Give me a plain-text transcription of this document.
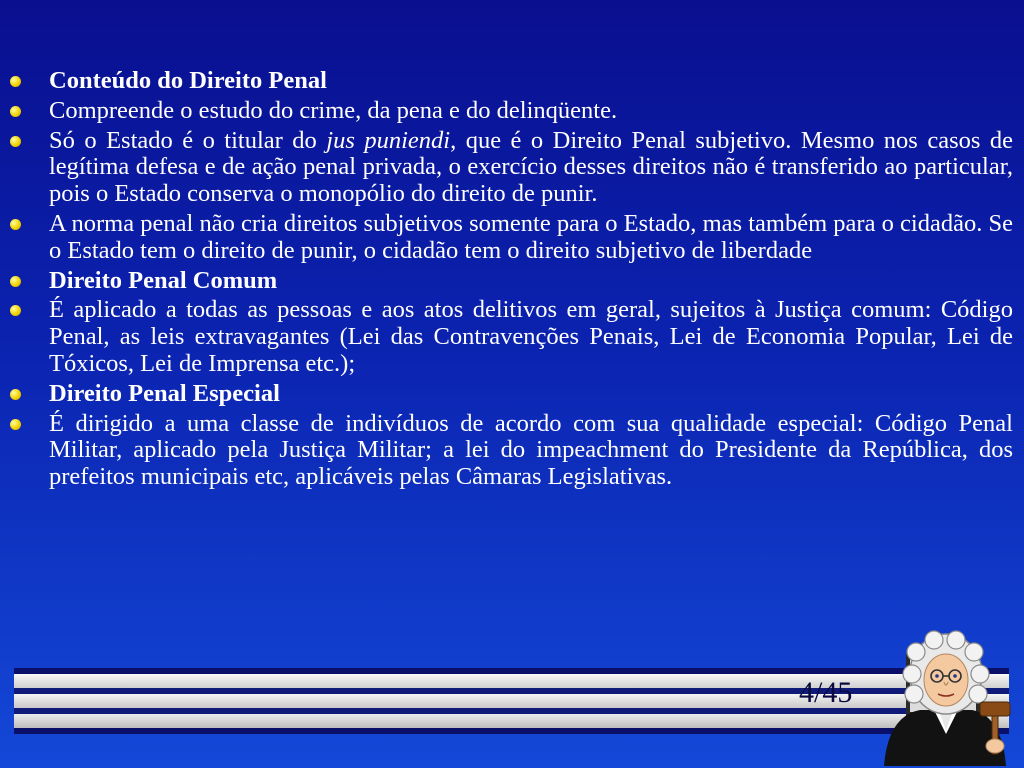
Conteúdo do Direito Penal
Compreende o estudo do crime, da pena e do delinqüente.
Só o Estado é o titular do jus puniendi, que é o Direito Penal subjetivo. Mesmo nos casos de legítima defesa e de ação penal privada, o exercício desses direitos não é transferido ao particular, pois o Estado conserva o monopólio do direito de punir.
A norma penal não cria direitos subjetivos somente para o Estado, mas também para o cidadão. Se o Estado tem o direito de punir, o cidadão tem o direito subjetivo de liberdade
Direito Penal Comum
É aplicado a todas as pessoas e aos atos delitivos em geral, sujeitos à Justiça comum: Código Penal, as leis extravagantes (Lei das Contravenções Penais, Lei de Economia Popular, Lei de Tóxicos, Lei de Imprensa etc.);
Direito Penal Especial
É dirigido a uma classe de indivíduos de acordo com sua qualidade especial: Código Penal Militar, aplicado pela Justiça Militar; a lei do impeachment do Presidente da República, dos prefeitos municipais etc, aplicáveis pelas Câmaras Legislativas.
4/45
